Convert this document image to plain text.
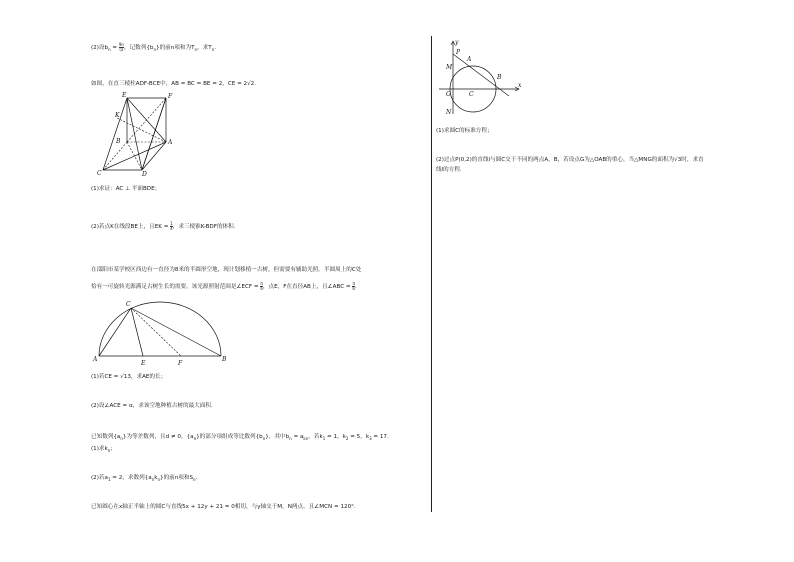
(2)设$b_n = \frac{9n}{(a}$ ，记数列$\{b_n\}$的前n项和为$T_n$，求$T_n$.
如图，在直三棱柱ADF-BCE中，AB = BC = BE = 2，CE = 2√2.
E
K
B	A
C	D
F
(1)求证：AC ⊥ 平面BDE；
(2)若点K在线段BE上，且EK = $\frac{1}{4}$ ，求三棱锥K-BDF的体积.
在邵阳市某学校区西边有一直径为8米的半圆形空地，现计划移植一古树，但需要有辅助光照。半圆周上的C处
恰有一可旋转光源满足古树生长的需要，该光源照射范围是∠ECF = $\frac{\pi}{6}$ ，点E，F在直径AB上，且∠ABC = $\frac{\pi}{6}$ .
C
A	B
E	F
(1)若CE = √13，求AE的长；
(2)设∠ACE = α，求该空地种植古树的最大面积.
已知数列$\{a_n\}$为等差数列，且d ≠ 0，$\{a_n\}$的部分项组成等比数列$\{b_n\}$，其中$b_n = a_{kn}$，若$k_1 = 1$，$k_2 = 5$，$k_3 = 17$.
(1)求$k_n$；
(2)若$a_1 = 2$，求数列$\{a_nk_n\}$的前n项和$S_n$.
已知圆心在x轴正半轴上的圆C与直线5x + 12y + 21 = 0相切，与y轴交于M，N两点，且∠MCN = 120°.
y
x
P
A
B
M
N
O	C
(1)求圆C的标准方程；
(2)过点P(0,2)的直线l与圆C交于不同的两点A，B，若设点G为△OAB的重心，当△MNG的面积为√3时，求直
线l的方程.
